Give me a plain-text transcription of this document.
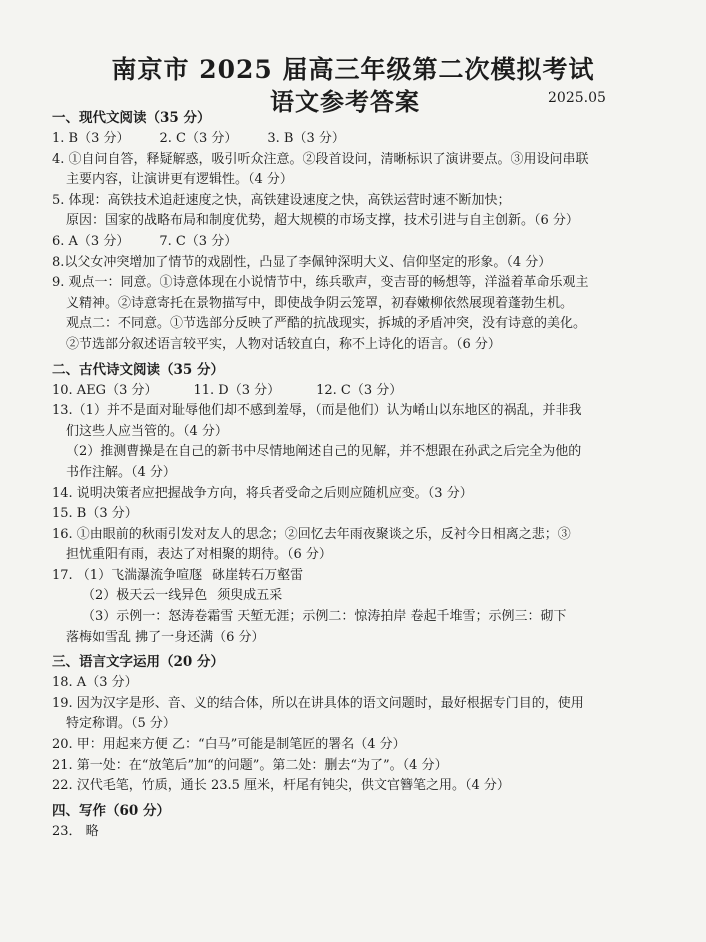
南京市 2025 届高三年级第二次模拟考试
语文参考答案	2025.05
一、现代文阅读（35 分）
1. B（3 分） 2. C（3 分） 3. B（3 分）
4. ①自问自答，释疑解惑，吸引听众注意。②段首设问，清晰标识了演讲要点。③用设问串联
主要内容，让演讲更有逻辑性。（4 分）
5. 体现：高铁技术追赶速度之快，高铁建设速度之快，高铁运营时速不断加快；
原因：国家的战略布局和制度优势，超大规模的市场支撑，技术引进与自主创新。（6 分）
6. A（3 分） 7. C（3 分）
8.以父女冲突增加了情节的戏剧性，凸显了李佩钟深明大义、信仰坚定的形象。（4 分）
9. 观点一：同意。①诗意体现在小说情节中，练兵歌声，变吉哥的畅想等，洋溢着革命乐观主
义精神。②诗意寄托在景物描写中，即使战争阴云笼罩，初春嫩柳依然展现着蓬勃生机。
观点二：不同意。①节选部分反映了严酷的抗战现实，拆城的矛盾冲突，没有诗意的美化。
②节选部分叙述语言较平实，人物对话较直白，称不上诗化的语言。（6 分）
二、古代诗文阅读（35 分）
10. AEG（3 分）	11. D（3 分）	12. C（3 分）
13.（1）并不是面对耻辱他们却不感到羞辱，（而是他们）认为崤山以东地区的祸乱，并非我
们这些人应当管的。（4 分）
（2）推测曹操是在自己的新书中尽情地阐述自己的见解，并不想跟在孙武之后完全为他的
书作注解。（4 分）
14. 说明决策者应把握战争方向，将兵者受命之后则应随机应变。（3 分）
15. B（3 分）
16. ①由眼前的秋雨引发对友人的思念；②回忆去年雨夜聚谈之乐，反衬今日相离之悲；③
担忧重阳有雨，表达了对相聚的期待。（6 分）
17. （1）飞湍瀑流争喧豗 砯崖转石万壑雷
（2）极天云一线异色 须臾成五采
（3）示例一：怒涛卷霜雪 天堑无涯；示例二：惊涛拍岸 卷起千堆雪；示例三：砌下
落梅如雪乱 拂了一身还满（6 分）
三、语言文字运用（20 分）
18. A（3 分）
19. 因为汉字是形、音、义的结合体，所以在讲具体的语文问题时，最好根据专门目的，使用
特定称谓。（5 分）
20. 甲：用起来方便 乙：“白马”可能是制笔匠的署名（4 分）
21. 第一处：在“放笔后”加“的问题”。第二处：删去“为了”。（4 分）
22. 汉代毛笔，竹质，通长 23.5 厘米，杆尾有钝尖，供文官簪笔之用。（4 分）
四、写作（60 分）
23． 略
